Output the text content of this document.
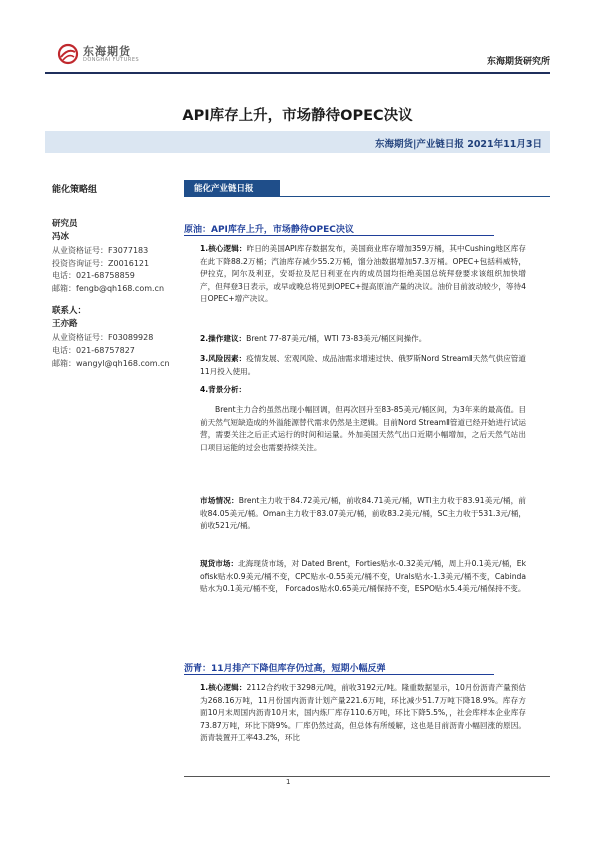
东海期货
DONGHAI FUTURES	东海期货研究所
API库存上升，市场静待OPEC决议
东海期货|产业链日报 2021年11月3日
能化策略组
研究员
冯冰
从业资格证号：F3077183
投资咨询证号：Z0016121
电话：021-68758859
邮箱：fengb@qh168.com.cn
联系人：
王亦路
从业资格证号：F03089928
电话：021-68757827
邮箱：wangyl@qh168.com.cn
能化产业链日报
原油：API库存上升，市场静待OPEC决议
1.核心逻辑：昨日的美国API库存数据发布，美国商业库存增加359万桶，其中Cushing地区库存在此下降88.2万桶；汽油库存减少55.2万桶，馏分油数据增加57.3万桶。OPEC+包括科威特，伊拉克，阿尔及利亚，安哥拉及尼日利亚在内的成员国均拒绝美国总统拜登要求该组织加快增产，但拜登3日表示，或早或晚总将见到OPEC+提高原油产量的决议。油价目前波动较少，等待4日OPEC+增产决议。
2.操作建议：Brent 77-87美元/桶，WTI 73-83美元/桶区间操作。
3.风险因素：疫情发展、宏观风险、成品油需求增速过快、俄罗斯Nord StreamⅡ天然气供应管道11月投入使用。
4.背景分析：
Brent主力合约虽然出现小幅回调，但再次回升至83-85美元/桶区间，为3年来的最高值。目前天然气短缺造成的外溢能源替代需求仍然是主逻辑。目前Nord StreamⅡ管道已经开始进行试运营，需要关注之后正式运行的时间和运量。外加美国天然气出口近期小幅增加，之后天然气站出口项目运能的过会也需要持续关注。
市场情况：Brent主力收于84.72美元/桶，前收84.71美元/桶，WTI主力收于83.91美元/桶，前收84.05美元/桶。Oman主力收于83.07美元/桶，前收83.2美元/桶，SC主力收于531.3元/桶，前收521元/桶。
现货市场：北海现货市场，对 Dated Brent，Forties贴水-0.32美元/桶，周上升0.1美元/桶，Ekofisk贴水0.9美元/桶不变，CPC贴水-0.55美元/桶不变，Urals贴水-1.3美元/桶不变，Cabinda贴水为0.1美元/桶不变， Forcados贴水0.65美元/桶保持不变，ESPO贴水5.4美元/桶保持不变。
沥青：11月排产下降但库存仍过高，短期小幅反弹
1.核心逻辑：2112合约收于3298元/吨，前收3192元/吨。隆重数据显示，10月份沥青产量预估为268.16万吨，11月份国内沥青计划产量221.6万吨，环比减少51.7万吨下降18.9%。库存方面10月末周国内沥青10月末，国内炼厂库存110.6万吨，环比下降5.5%，，社会库样本企业库存73.87万吨，环比下降9%。厂库仍然过高，但总体有所缓解，这也是目前沥青小幅回涨的原因。沥青装置开工率43.2%，环比
1
